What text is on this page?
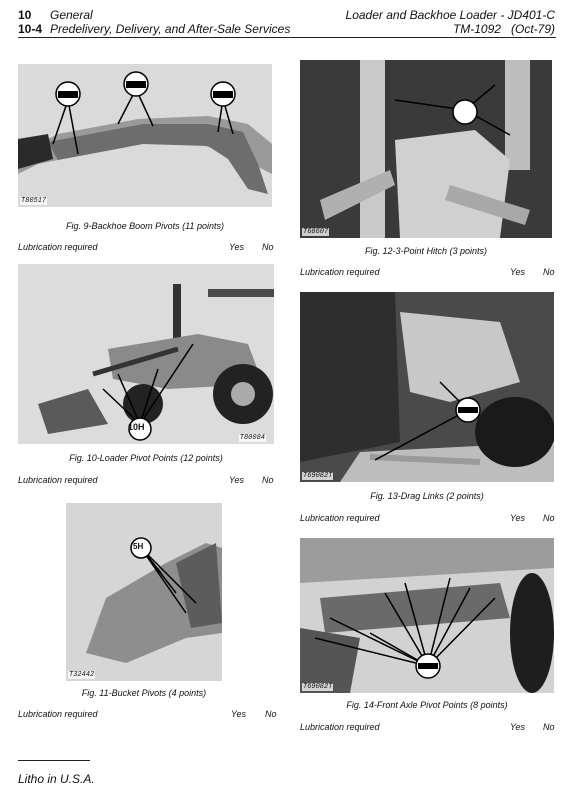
10 General
10-4 Predelivery, Delivery, and After-Sale Services
Loader and Backhoe Loader - JD401-C
TM-1092 (Oct-79)
T80517
Fig. 9-Backhoe Boom Pivots (11 points)
Lubrication required	Yes No
10H
T80084
Fig. 10-Loader Pivot Points (12 points)
Lubrication required	Yes No
5H
T32442
Fig. 11-Bucket Pivots (4 points)
Lubrication required	Yes No
T68607
Fig. 12-3-Point Hitch (3 points)
Lubrication required	Yes No
T69082T
Fig. 13-Drag Links (2 points)
Lubrication required	Yes No
T69082T
Fig. 14-Front Axle Pivot Points (8 points)
Lubrication required	Yes No
Litho in U.S.A.
